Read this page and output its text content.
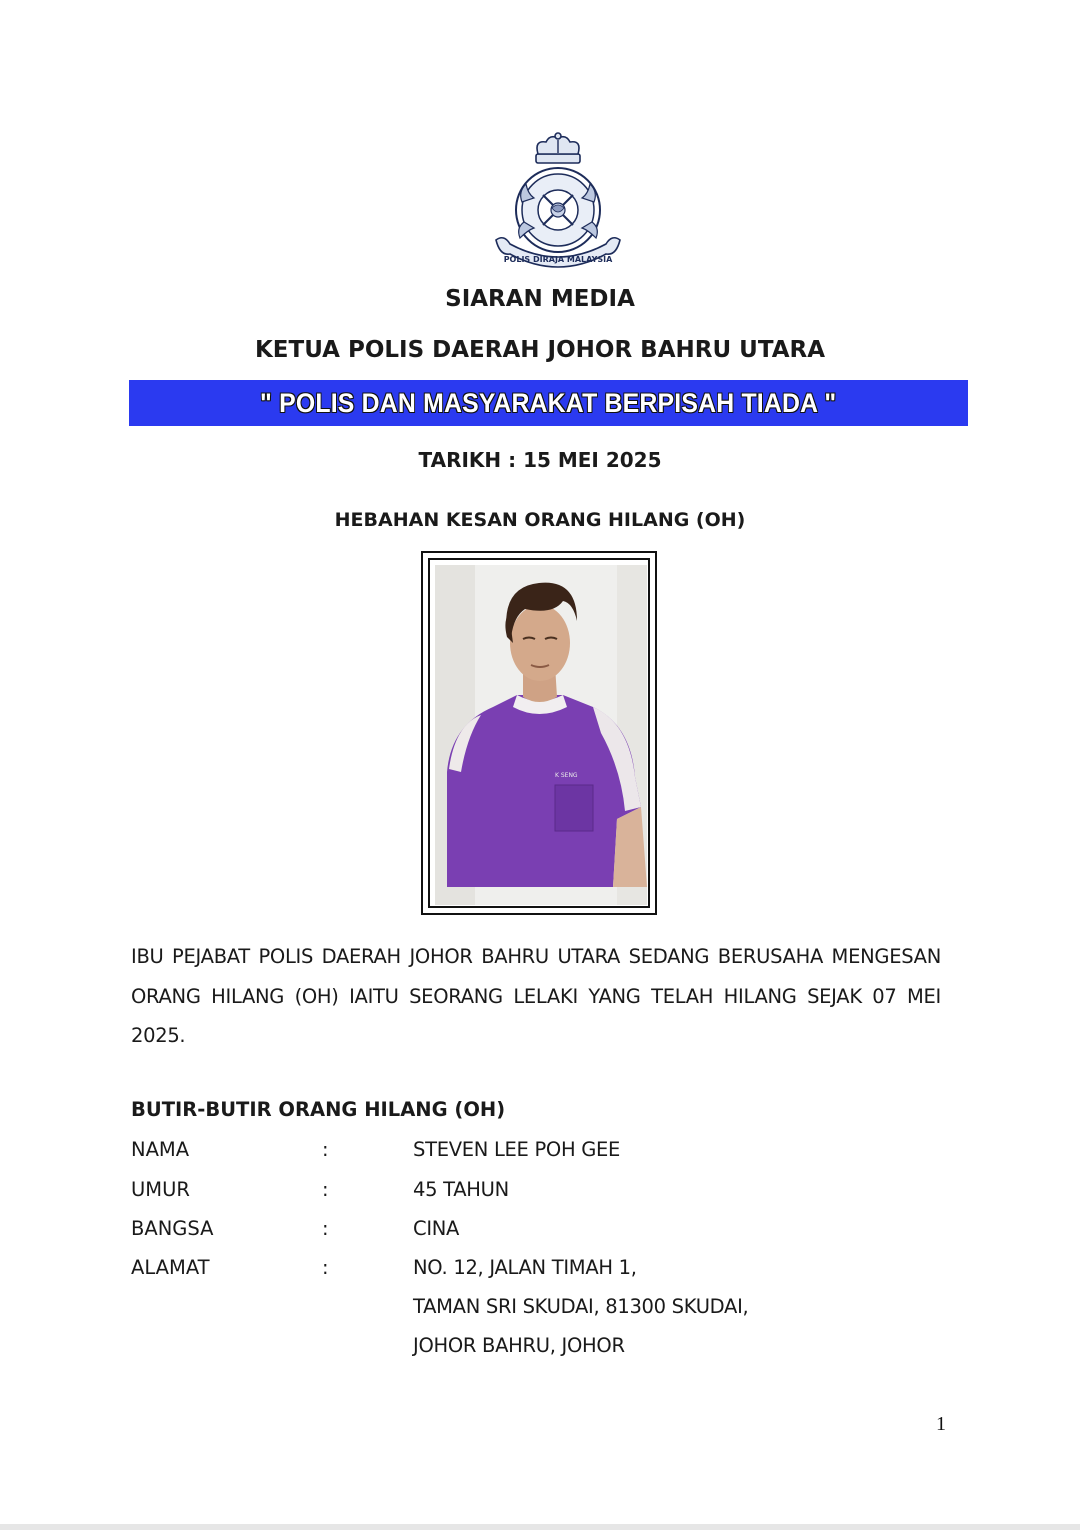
POLIS DIRAJA MALAYSIA
SIARAN MEDIA
KETUA POLIS DAERAH JOHOR BAHRU UTARA
" POLIS DAN MASYARAKAT BERPISAH TIADA "
TARIKH : 15 MEI 2025
HEBAHAN KESAN ORANG HILANG (OH)
K SENG
IBU PEJABAT POLIS DAERAH JOHOR BAHRU UTARA SEDANG BERUSAHA MENGESAN ORANG HILANG (OH) IAITU SEORANG LELAKI YANG TELAH HILANG SEJAK 07 MEI 2025.
BUTIR-BUTIR ORANG HILANG (OH)
NAMA	:	STEVEN LEE POH GEE
UMUR	:	45 TAHUN
BANGSA	:	CINA
ALAMAT	:	NO. 12, JALAN TIMAH 1,
TAMAN SRI SKUDAI, 81300 SKUDAI,
JOHOR BAHRU, JOHOR
1
